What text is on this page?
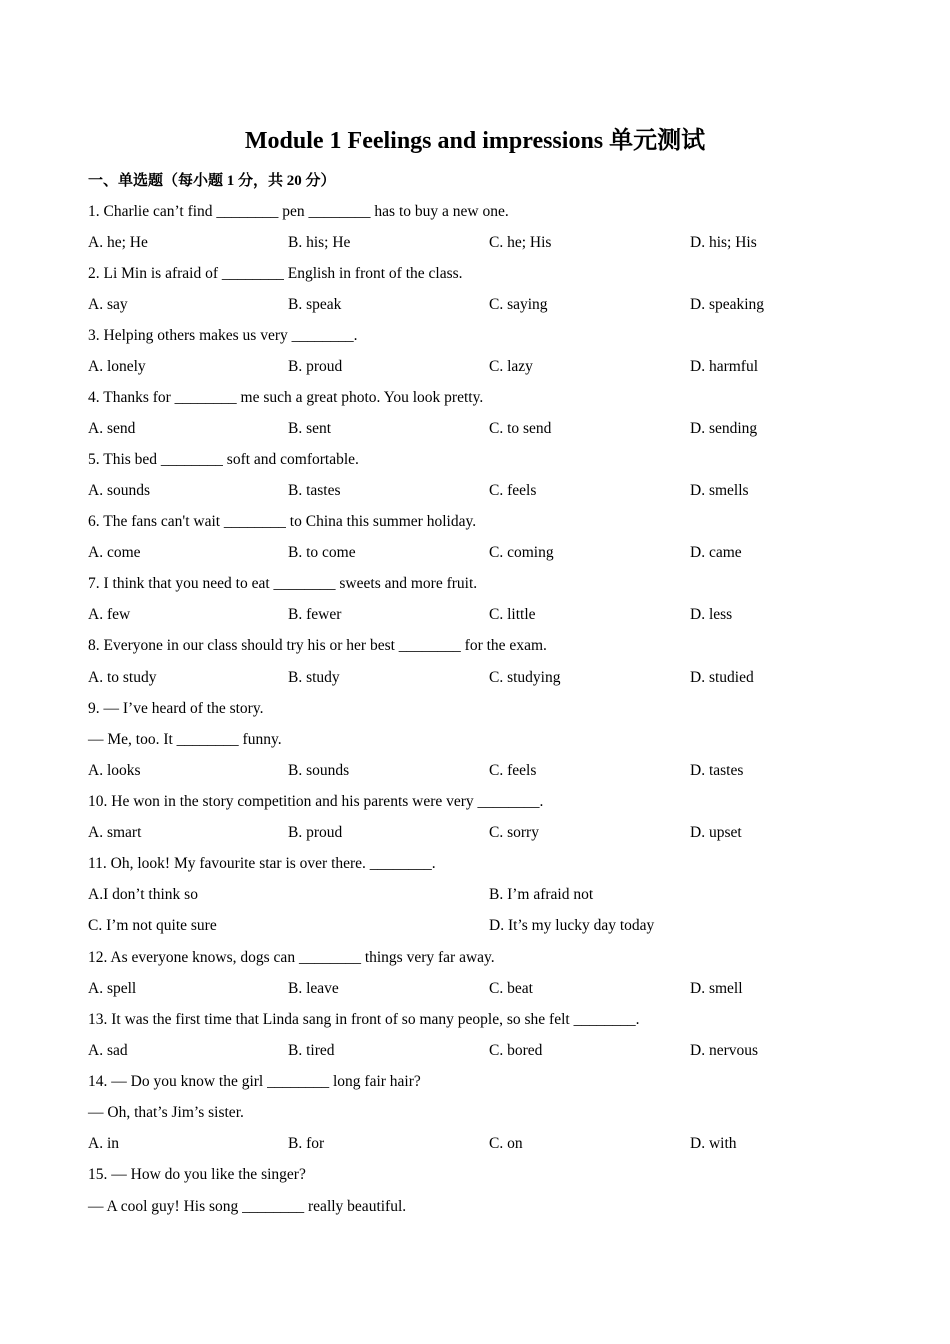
Module 1 Feelings and impressions 单元测试
一、单选题（每小题 1 分，共 20 分）
1. Charlie can’t find ________ pen ________ has to buy a new one.
A. he; He	B. his; He	C. he; His	D. his; His
2. Li Min is afraid of ________ English in front of the class.
A. say	B. speak	C. saying	D. speaking
3. Helping others makes us very ________.
A. lonely	B. proud	C. lazy	D. harmful
4. Thanks for ________ me such a great photo. You look pretty.
A. send	B. sent	C. to send	D. sending
5. This bed ________ soft and comfortable.
A. sounds	B. tastes	C. feels	D. smells
6. The fans can't wait ________ to China this summer holiday.
A. come	B. to come	C. coming	D. came
7. I think that you need to eat ________ sweets and more fruit.
A. few	B. fewer	C. little	D. less
8. Everyone in our class should try his or her best ________ for the exam.
A. to study	B. study	C. studying	D. studied
9. — I’ve heard of the story.
— Me, too. It ________ funny.
A. looks	B. sounds	C. feels	D. tastes
10. He won in the story competition and his parents were very ________.
A. smart	B. proud	C. sorry	D. upset
11. Oh, look! My favourite star is over there. ________.
A.I don’t think so	B. I’m afraid not
C. I’m not quite sure	D. It’s my lucky day today
12. As everyone knows, dogs can ________ things very far away.
A. spell	B. leave	C. beat	D. smell
13. It was the first time that Linda sang in front of so many people, so she felt ________.
A. sad	B. tired	C. bored	D. nervous
14. — Do you know the girl ________ long fair hair?
— Oh, that’s Jim’s sister.
A. in	B. for	C. on	D. with
15. — How do you like the singer?
— A cool guy! His song ________ really beautiful.
